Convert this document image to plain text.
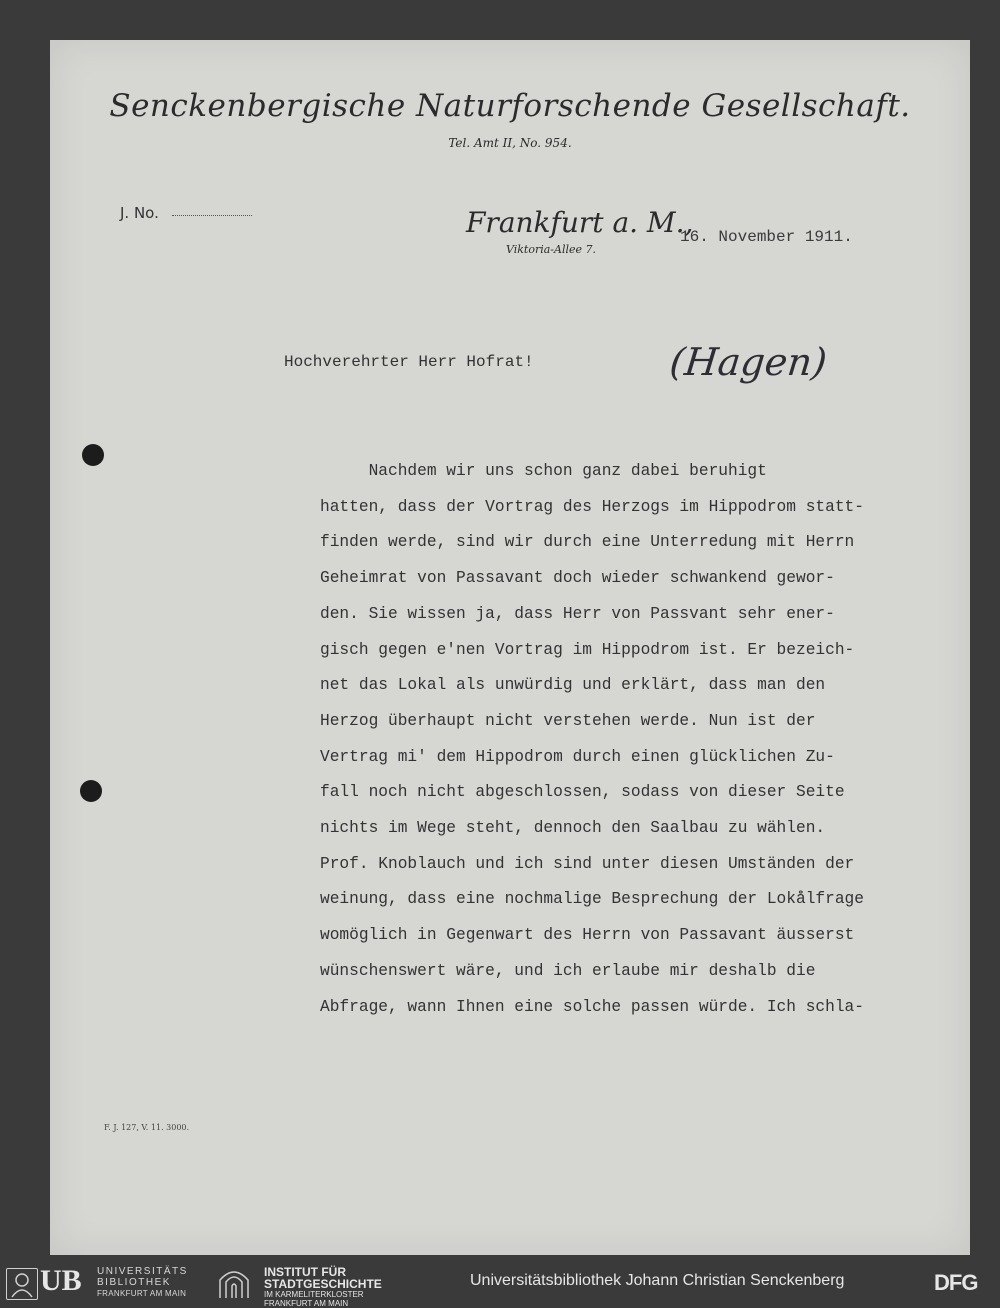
Senckenbergische Naturforschende Gesellschaft.
Tel. Amt II, No. 954.
J. No.	Frankfurt a. M.,
Viktoria-Allee 7.
16. November 1911.
Hochverehrter Herr Hofrat!	(Hagen)
Nachdem wir uns schon ganz dabei beruhigt
hatten, dass der Vortrag des Herzogs im Hippodrom statt-
finden werde, sind wir durch eine Unterredung mit Herrn
Geheimrat von Passavant doch wieder schwankend gewor-
den. Sie wissen ja, dass Herr von Passvant sehr ener-
gisch gegen e'nen Vortrag im Hippodrom ist. Er bezeich-
net das Lokal als unwürdig und erklärt, dass man den
Herzog überhaupt nicht verstehen werde. Nun ist der
Vertrag mi' dem Hippodrom durch einen glücklichen Zu-
fall noch nicht abgeschlossen, sodass von dieser Seite
nichts im Wege steht, dennoch den Saalbau zu wählen.
Prof. Knoblauch und ich sind unter diesen Umständen der
weinung, dass eine nochmalige Besprechung der Lokålfrage
womöglich in Gegenwart des Herrn von Passavant äusserst
wünschenswert wäre, und ich erlaube mir deshalb die
Abfrage, wann Ihnen eine solche passen würde. Ich schla-
F. J. 127, V. 11. 3000.
UB UNIVERSITÄTS
BIBLIOTHEK
FRANKFURT AM MAIN
INSTITUT FÜR
STADTGESCHICHTE
IM KARMELITERKLOSTER
FRANKFURT AM MAIN
Universitätsbibliothek Johann Christian Senckenberg	DFG
